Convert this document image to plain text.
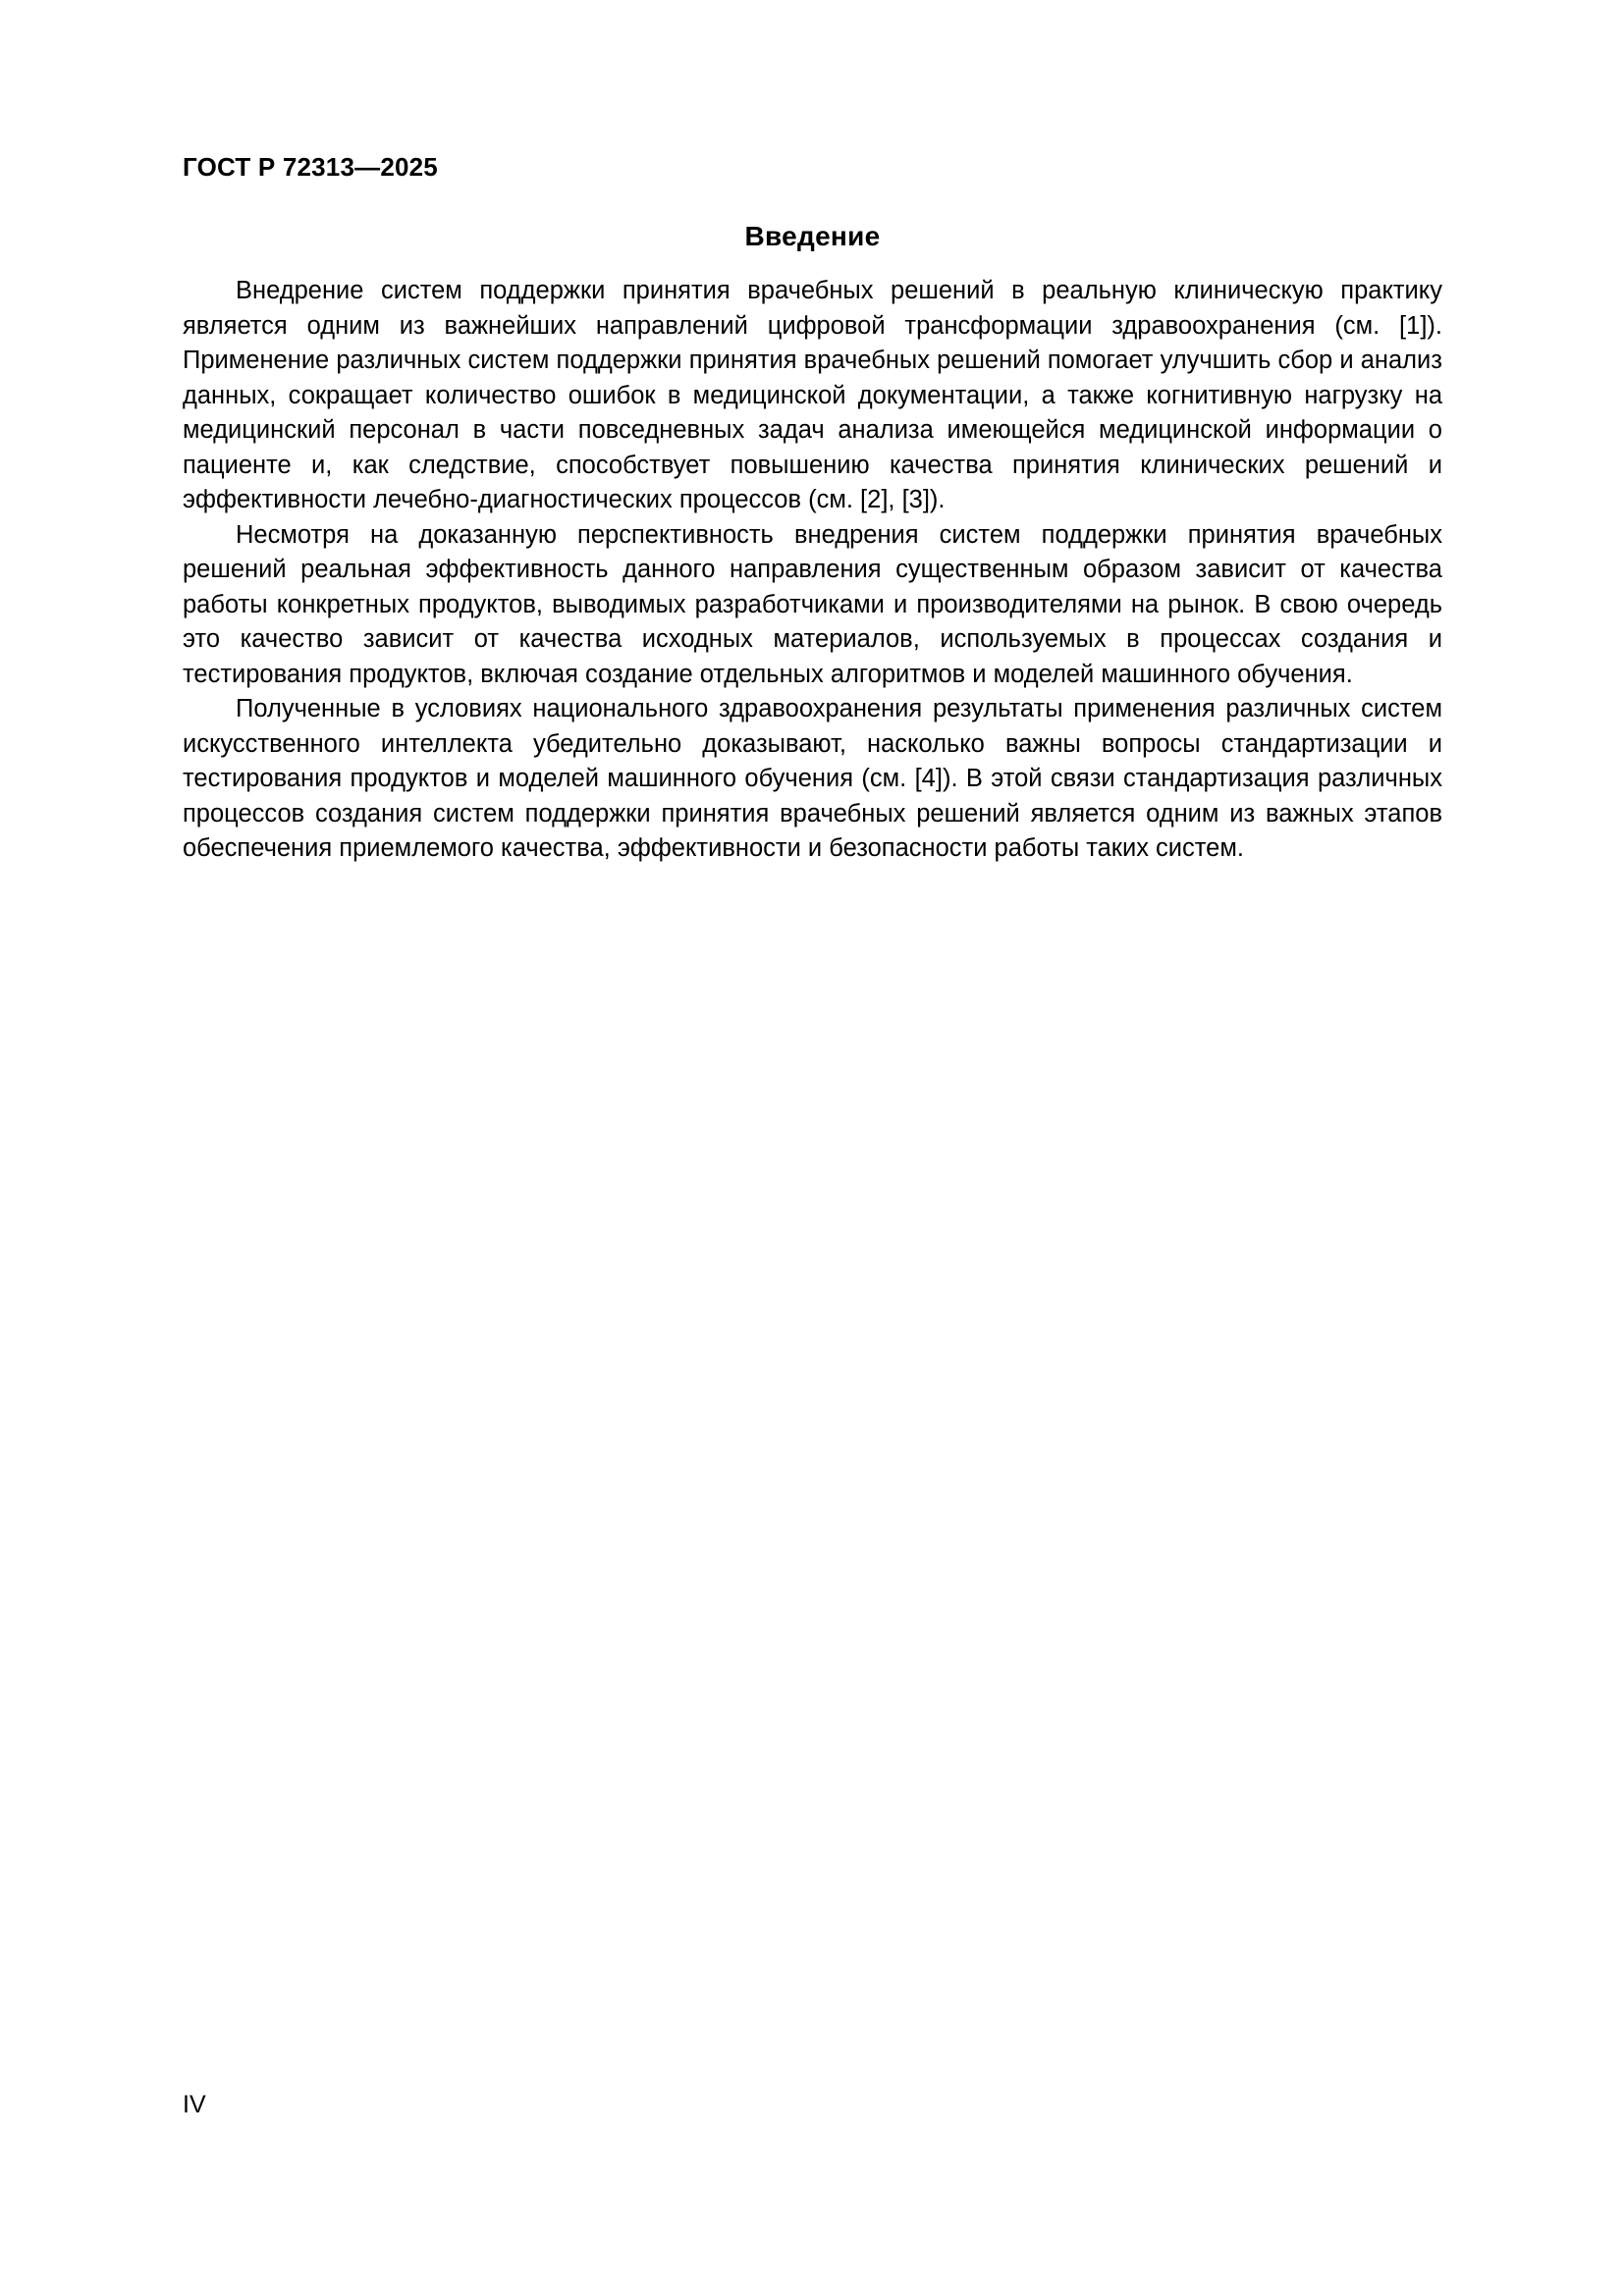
ГОСТ Р 72313—2025
Введение

Внедрение систем поддержки принятия врачебных решений в реальную клиническую практику является одним из важнейших направлений цифровой трансформации здравоохранения (см. [1]). Применение различных систем поддержки принятия врачебных решений помогает улучшить сбор и анализ данных, сокращает количество ошибок в медицинской документации, а также когнитивную нагрузку на медицинский персонал в части повседневных задач анализа имеющейся медицинской информации о пациенте и, как следствие, способствует повышению качества принятия клинических решений и эффективности лечебно-диагностических процессов (см. [2], [3]).

Несмотря на доказанную перспективность внедрения систем поддержки принятия врачебных решений реальная эффективность данного направления существенным образом зависит от качества работы конкретных продуктов, выводимых разработчиками и производителями на рынок. В свою очередь это качество зависит от качества исходных материалов, используемых в процессах создания и тестирования продуктов, включая создание отдельных алгоритмов и моделей машинного обучения.

Полученные в условиях национального здравоохранения результаты применения различных систем искусственного интеллекта убедительно доказывают, насколько важны вопросы стандартизации и тестирования продуктов и моделей машинного обучения (см. [4]). В этой связи стандартизация различных процессов создания систем поддержки принятия врачебных решений является одним из важных этапов обеспечения приемлемого качества, эффективности и безопасности работы таких систем.

IV
